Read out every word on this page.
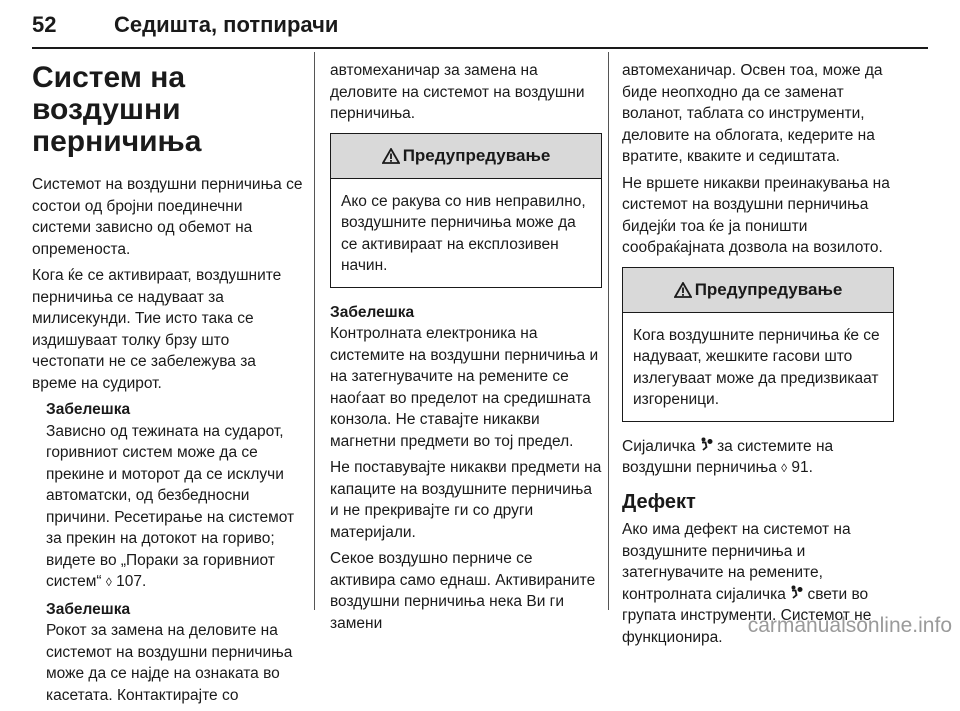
52	Седишта, потпирачи

Систем на воздушни перничиња

Системот на воздушни перничиња се состои од бројни поединечни системи зависно од обемот на опременоста.

Кога ќе се активираат, воздушните перничиња се надуваат за милисекунди. Тие исто така се издишуваат толку брзу што честопати не се забележува за време на судирот.

Забелешка

Зависно од тежината на сударот, горивниот систем може да се прекине и моторот да се исклучи автоматски, од безбедносни причини. Ресетирање на системот за прекин на дотокот на гориво; видете во „Пораки за горивниот систем“ ◊ 107.

Забелешка

Рокот за замена на деловите на системот на воздушни перничиња може да се најде на ознаката во касетата. Контактирајте со

автомеханичар за замена на деловите на системот на воздушни перничиња.

Предупредување
Ако се ракува со нив неправилно, воздушните перничиња може да се активираат на експлозивен начин.

Забелешка

Контролната електроника на системите на воздушни перничиња и на затегнувачите на ремените се наоѓаат во пределот на средишната конзола. Не ставајте никакви магнетни предмети во тој предел.

Не поставувајте никакви предмети на капаците на воздушните перничиња и не прекривајте ги со други материјали.

Секое воздушно перниче се активира само еднаш. Активираните воздушни перничиња нека Ви ги замени

автомеханичар. Освен тоа, може да биде неопходно да се заменат воланот, таблата со инструменти, деловите на облогата, кедерите на вратите, кваките и седиштата.

Не вршете никакви преинакувања на системот на воздушни перничиња бидејќи тоа ќе ја поништи сообраќајната дозвола на возилото.

Предупредување
Кога воздушните перничиња ќе се надуваат, жешките гасови што излегуваат може да предизвикаат изгореници.

Сијаличка за системите на воздушни перничиња ◊ 91.

Дефект

Ако има дефект на системот на воздушните перничиња и затегнувачите на ремените, контролната сијаличка свети во групата инструменти. Системот не функционира.	carmanualsonline.info
